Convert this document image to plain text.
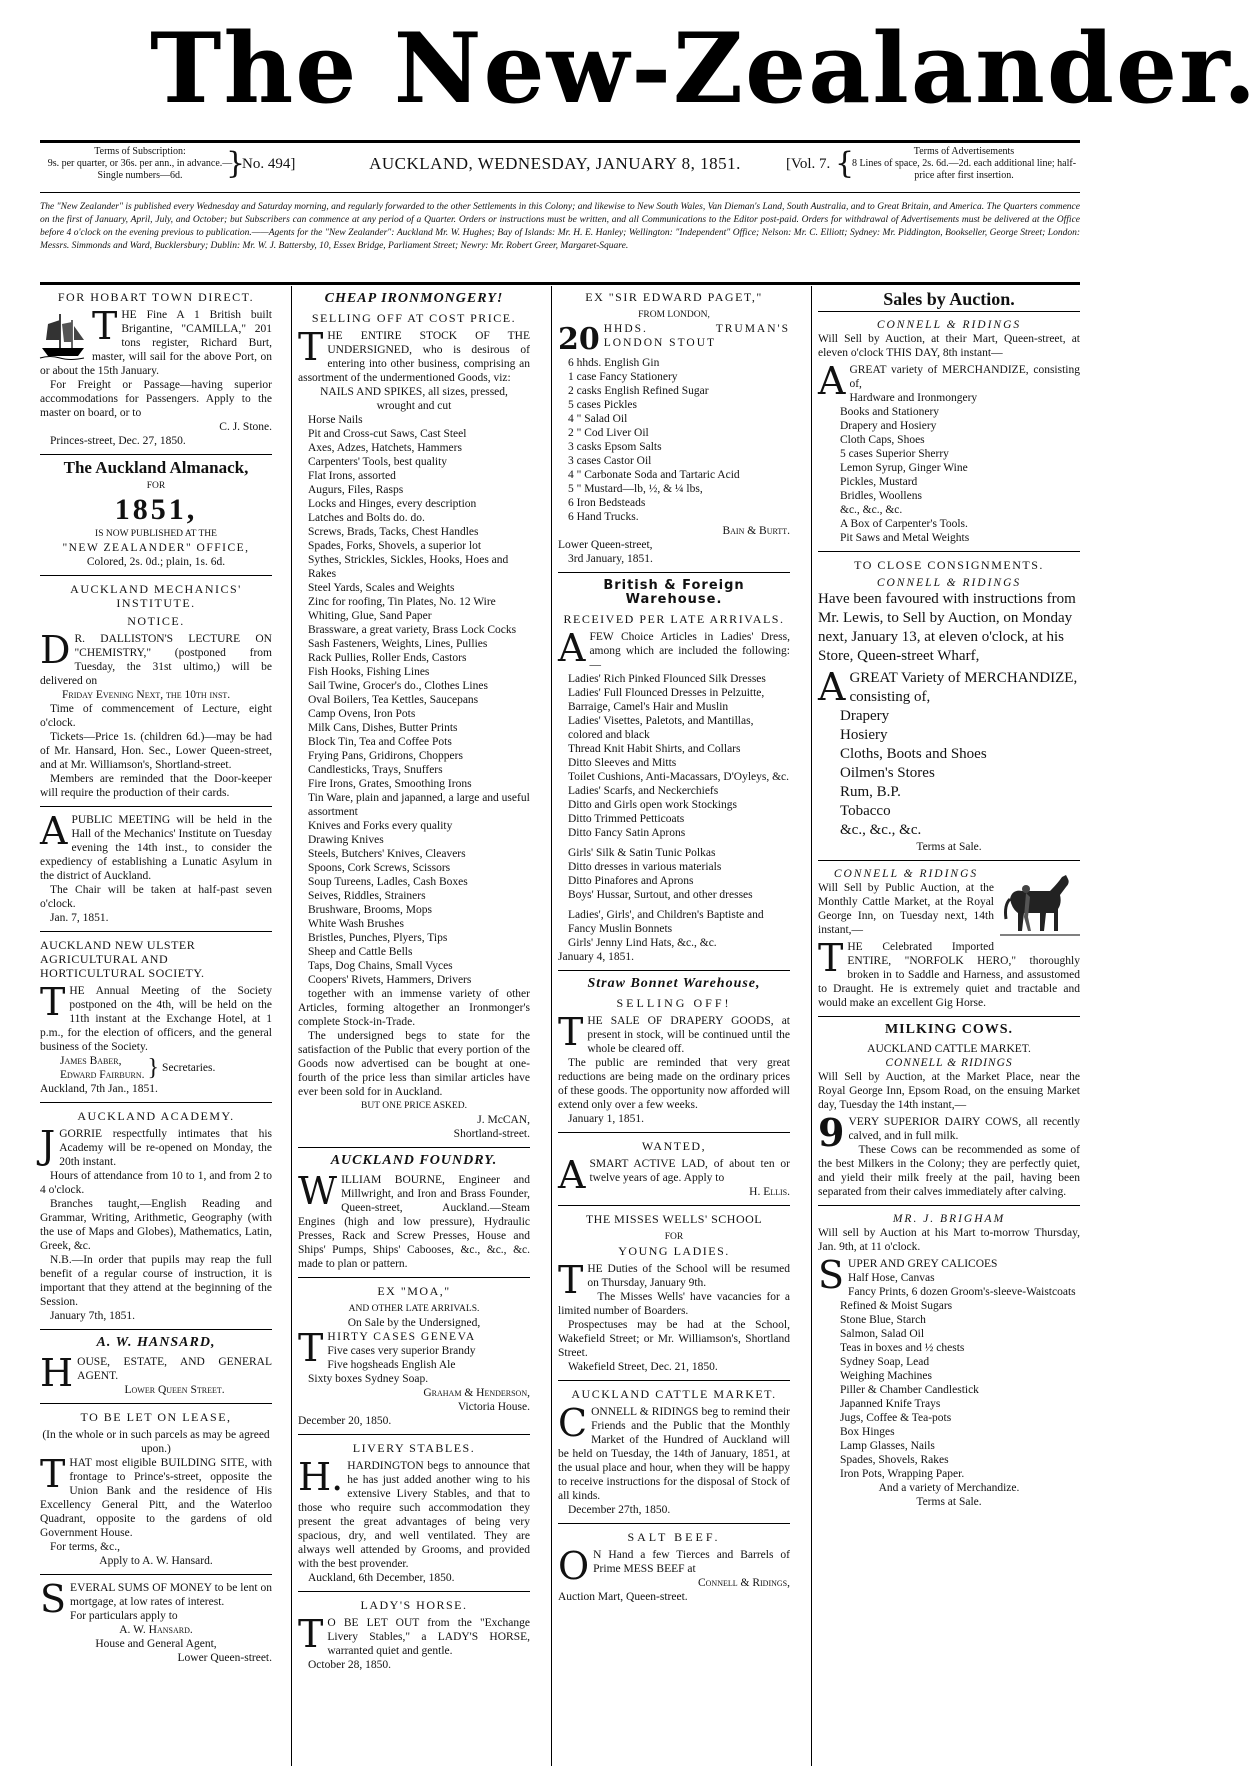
The New-Zealander.
Terms of Subscription:
9s. per quarter, or 36s. per ann., in advance.—Single numbers—6d.	}
No. 494]	AUCKLAND, WEDNESDAY, JANUARY 8, 1851.	[Vol. 7. {	Terms of Advertisements
8 Lines of space, 2s. 6d.—2d. each additional line; half-price after first insertion.
The "New Zealander" is published every Wednesday and Saturday morning, and regularly forwarded to the other Settlements in this Colony; and likewise to New South Wales, Van Dieman's Land, South Australia, and to Great Britain, and America. The Quarters commence on the first of January, April, July, and October; but Subscribers can commence at any period of a Quarter. Orders or instructions must be written, and all Communications to the Editor post-paid. Orders for withdrawal of Advertisements must be delivered at the Office before 4 o'clock on the evening previous to publication.——Agents for the "New Zealander": Auckland Mr. W. Hughes; Bay of Islands: Mr. H. E. Hanley; Wellington: "Independent" Office; Nelson: Mr. C. Elliott; Sydney: Mr. Piddington, Bookseller, George Street; London: Messrs. Simmonds and Ward, Bucklersbury; Dublin: Mr. W. J. Battersby, 10, Essex Bridge, Parliament Street; Newry: Mr. Robert Greer, Margaret-Square.
FOR HOBART TOWN DIRECT.
THE Fine A 1 British built Brigantine, "CAMILLA," 201 tons register, Richard Burt, master, will sail for the above Port, on or about the 15th January.
For Freight or Passage—having superior accommodations for Passengers. Apply to the master on board, or to
C. J. Stone.
Princes-street, Dec. 27, 1850.
The Auckland Almanack,
FOR
1851,
IS NOW PUBLISHED AT THE
"NEW ZEALANDER" OFFICE,
Colored, 2s. 0d.; plain, 1s. 6d.
AUCKLAND MECHANICS' INSTITUTE.
NOTICE.
D R. DALLISTON'S LECTURE ON "CHEMISTRY," (postponed from Tuesday, the 31st ultimo,) will be delivered on
Friday Evening Next, the 10th inst.
Time of commencement of Lecture, eight o'clock.
Tickets—Price 1s. (children 6d.)—may be had of Mr. Hansard, Hon. Sec., Lower Queen-street, and at Mr. Williamson's, Shortland-street.
Members are reminded that the Door-keeper will require the production of their cards.
APUBLIC MEETING will be held in the Hall of the Mechanics' Institute on Tuesday evening the 14th inst., to consider the expediency of establishing a Lunatic Asylum in the district of Auckland.
The Chair will be taken at half-past seven o'clock.
Jan. 7, 1851.
AUCKLAND NEW ULSTER AGRICULTURAL AND HORTICULTURAL SOCIETY.
THE Annual Meeting of the Society postponed on the 4th, will be held on the 11th instant at the Exchange Hotel, at 1 p.m., for the election of officers, and the general business of the Society.
James Baber,
Edward Fairburn. } Secretaries.
Auckland, 7th Jan., 1851.
AUCKLAND ACADEMY.
JGORRIE respectfully intimates that his Academy will be re-opened on Monday, the 20th instant.
Hours of attendance from 10 to 1, and from 2 to 4 o'clock.
Branches taught,—English Reading and Grammar, Writing, Arithmetic, Geography (with the use of Maps and Globes), Mathematics, Latin, Greek, &c.
N.B.—In order that pupils may reap the full benefit of a regular course of instruction, it is important that they attend at the beginning of the Session.
January 7th, 1851.
A. W. HANSARD,
HOUSE, ESTATE, AND GENERAL AGENT.
Lower Queen Street.
TO BE LET ON LEASE,
(In the whole or in such parcels as may be agreed upon.)
THAT most eligible BUILDING SITE, with frontage to Prince's-street, opposite the Union Bank and the residence of His Excellency General Pitt, and the Waterloo Quadrant, opposite to the gardens of old Government House.
For terms, &c.,
Apply to A. W. Hansard.
SEVERAL SUMS OF MONEY to be lent on mortgage, at low rates of interest.
For particulars apply to
A. W. Hansard.
House and General Agent,
Lower Queen-street.
CHEAP IRONMONGERY!
SELLING OFF AT COST PRICE.
THE ENTIRE STOCK OF THE UNDERSIGNED, who is desirous of entering into other business, comprising an assortment of the undermentioned Goods, viz:
NAILS AND SPIKES, all sizes, pressed, wrought and cut
Horse Nails
Pit and Cross-cut Saws, Cast Steel
Axes, Adzes, Hatchets, Hammers
Carpenters' Tools, best quality
Flat Irons, assorted
Augurs, Files, Rasps
Locks and Hinges, every description
Latches and Bolts do. do.
Screws, Brads, Tacks, Chest Handles
Spades, Forks, Shovels, a superior lot
Sythes, Strickles, Sickles, Hooks, Hoes and Rakes
Steel Yards, Scales and Weights
Zinc for roofing, Tin Plates, No. 12 Wire
Whiting, Glue, Sand Paper
Brassware, a great variety, Brass Lock Cocks
Sash Fasteners, Weights, Lines, Pullies
Rack Pullies, Roller Ends, Castors
Fish Hooks, Fishing Lines
Sail Twine, Grocer's do., Clothes Lines
Oval Boilers, Tea Kettles, Saucepans
Camp Ovens, Iron Pots
Milk Cans, Dishes, Butter Prints
Block Tin, Tea and Coffee Pots
Frying Pans, Gridirons, Choppers
Candlesticks, Trays, Snuffers
Fire Irons, Grates, Smoothing Irons
Tin Ware, plain and japanned, a large and useful assortment
Knives and Forks every quality
Drawing Knives
Steels, Butchers' Knives, Cleavers
Spoons, Cork Screws, Scissors
Soup Tureens, Ladles, Cash Boxes
Seives, Riddles, Strainers
Brushware, Brooms, Mops
White Wash Brushes
Bristles, Punches, Plyers, Tips
Sheep and Cattle Bells
Taps, Dog Chains, Small Vyces
Coopers' Rivets, Hammers, Drivers
together with an immense variety of other Articles, forming altogether an Ironmonger's complete Stock-in-Trade.
The undersigned begs to state for the satisfaction of the Public that every portion of the Goods now advertised can be bought at one-fourth of the price less than similar articles have ever been sold for in Auckland.
BUT ONE PRICE ASKED.
J. McCAN,
Shortland-street.
AUCKLAND FOUNDRY.
WILLIAM BOURNE, Engineer and Millwright, and Iron and Brass Founder, Queen-street, Auckland.—Steam Engines (high and low pressure), Hydraulic Presses, Rack and Screw Presses, House and Ships' Pumps, Ships' Cabooses, &c., &c., &c. made to plan or pattern.
EX "MOA,"
AND OTHER LATE ARRIVALS.
On Sale by the Undersigned,
THIRTY CASES GENEVA
Five cases very superior Brandy
Five hogsheads English Ale
Sixty boxes Sydney Soap.
Graham & Henderson,
Victoria House.
December 20, 1850.
LIVERY STABLES.
H. HARDINGTON begs to announce that he has just added another wing to his extensive Livery Stables, and that to those who require such accommodation they present the great advantages of being very spacious, dry, and well ventilated. They are always well attended by Grooms, and provided with the best provender.
Auckland, 6th December, 1850.
LADY'S HORSE.
T O BE LET OUT from the "Exchange Livery Stables," a LADY'S HORSE, warranted quiet and gentle.
October 28, 1850.
EX "SIR EDWARD PAGET,"
FROM LONDON,
20 HHDS. TRUMAN'S LONDON STOUT
6 hhds. English Gin
1 case Fancy Stationery
2 casks English Refined Sugar
5 cases Pickles
4 " Salad Oil
2 " Cod Liver Oil
3 casks Epsom Salts
3 cases Castor Oil
4 " Carbonate Soda and Tartaric Acid
5 " Mustard—lb, ½, & ¼ lbs,
6 Iron Bedsteads
6 Hand Trucks.
Bain & Burtt.
Lower Queen-street,
3rd January, 1851.
British & Foreign Warehouse.
RECEIVED PER LATE ARRIVALS.
AFEW Choice Articles in Ladies' Dress, among which are included the following:—
Ladies' Rich Pinked Flounced Silk Dresses
Ladies' Full Flounced Dresses in Pelzuitte, Barraige, Camel's Hair and Muslin
Ladies' Visettes, Paletots, and Mantillas, colored and black
Thread Knit Habit Shirts, and Collars
Ditto Sleeves and Mitts
Toilet Cushions, Anti-Macassars, D'Oyleys, &c.
Ladies' Scarfs, and Neckerchiefs
Ditto and Girls open work Stockings
Ditto Trimmed Petticoats
Ditto Fancy Satin Aprons
Girls' Silk & Satin Tunic Polkas
Ditto dresses in various materials
Ditto Pinafores and Aprons
Boys' Hussar, Surtout, and other dresses
Ladies', Girls', and Children's Baptiste and Fancy Muslin Bonnets
Girls' Jenny Lind Hats, &c., &c.
January 4, 1851.
Straw Bonnet Warehouse,
SELLING OFF!
THE SALE OF DRAPERY GOODS, at present in stock, will be continued until the whole be cleared off.
The public are reminded that very great reductions are being made on the ordinary prices of these goods. The opportunity now afforded will extend only over a few weeks.
January 1, 1851.
WANTED,
ASMART ACTIVE LAD, of about ten or twelve years of age. Apply to
H. Ellis.
THE MISSES WELLS' SCHOOL
FOR
YOUNG LADIES.
THE Duties of the School will be resumed on Thursday, January 9th.
The Misses Wells' have vacancies for a limited number of Boarders.
Prospectuses may be had at the School, Wakefield Street; or Mr. Williamson's, Shortland Street.
Wakefield Street, Dec. 21, 1850.
AUCKLAND CATTLE MARKET.
CONNELL & RIDINGS beg to remind their Friends and the Public that the Monthly Market of the Hundred of Auckland will be held on Tuesday, the 14th of January, 1851, at the usual place and hour, when they will be happy to receive instructions for the disposal of Stock of all kinds.
December 27th, 1850.
SALT BEEF.
O N Hand a few Tierces and Barrels of Prime MESS BEEF at
Connell & Ridings,
Auction Mart, Queen-street.
Sales by Auction.
CONNELL & RIDINGS
Will Sell by Auction, at their Mart, Queen-street, at eleven o'clock THIS DAY, 8th instant—
AGREAT variety of MERCHANDIZE, consisting of,
Hardware and Ironmongery
Books and Stationery
Drapery and Hosiery
Cloth Caps, Shoes
5 cases Superior Sherry
Lemon Syrup, Ginger Wine
Pickles, Mustard
Bridles, Woollens
&c., &c., &c.
A Box of Carpenter's Tools.
Pit Saws and Metal Weights
TO CLOSE CONSIGNMENTS.
CONNELL & RIDINGS
Have been favoured with instructions from Mr. Lewis, to Sell by Auction, on Monday next, January 13, at eleven o'clock, at his Store, Queen-street Wharf,
AGREAT Variety of MERCHANDIZE, consisting of,
Drapery
Hosiery
Cloths, Boots and Shoes
Oilmen's Stores
Rum, B.P.
Tobacco
&c., &c., &c.
Terms at Sale.
CONNELL & RIDINGS
Will Sell by Public Auction, at the Monthly Cattle Market, at the Royal George Inn, on Tuesday next, 14th instant,—
THE Celebrated Imported ENTIRE, "NORFOLK HERO," thoroughly broken in to Saddle and Harness, and assustomed to Draught. He is extremely quiet and tractable and would make an excellent Gig Horse.
MILKING COWS.
AUCKLAND CATTLE MARKET.
CONNELL & RIDINGS
Will Sell by Auction, at the Market Place, near the Royal George Inn, Epsom Road, on the ensuing Market day, Tuesday the 14th instant,—
9 VERY SUPERIOR DAIRY COWS, all recently calved, and in full milk.
These Cows can be recommended as some of the best Milkers in the Colony; they are perfectly quiet, and yield their milk freely at the pail, having been separated from their calves immediately after calving.
MR. J. BRIGHAM
Will sell by Auction at his Mart to-morrow Thursday, Jan. 9th, at 11 o'clock.
SUPER AND GREY CALICOES
Half Hose, Canvas
Fancy Prints, 6 dozen Groom's-sleeve-Waistcoats
Refined & Moist Sugars
Stone Blue, Starch
Salmon, Salad Oil
Teas in boxes and ½ chests
Sydney Soap, Lead
Weighing Machines
Piller & Chamber Candlestick
Japanned Knife Trays
Jugs, Coffee & Tea-pots
Box Hinges
Lamp Glasses, Nails
Spades, Shovels, Rakes
Iron Pots, Wrapping Paper.
And a variety of Merchandize.
Terms at Sale.
